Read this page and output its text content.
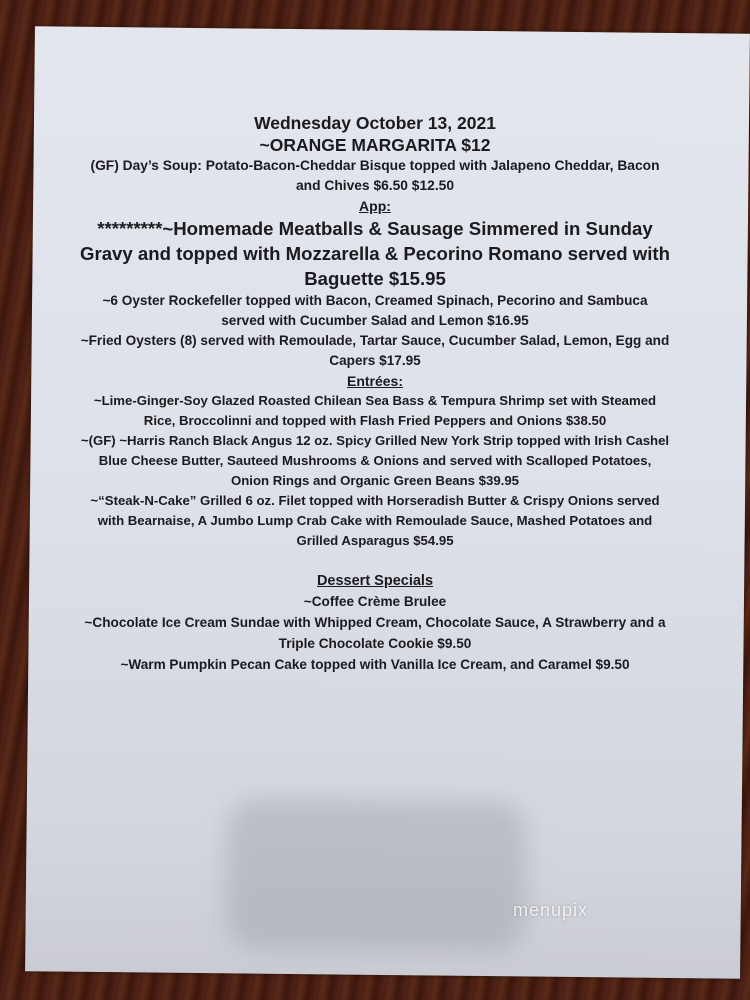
Wednesday October 13, 2021

~ORANGE MARGARITA $12

(GF) Day’s Soup: Potato-Bacon-Cheddar Bisque topped with Jalapeno Cheddar, Bacon and Chives $6.50 $12.50

App:

*********~Homemade Meatballs & Sausage Simmered in Sunday Gravy and topped with Mozzarella & Pecorino Romano served with Baguette $15.95

~6 Oyster Rockefeller topped with Bacon, Creamed Spinach, Pecorino and Sambuca served with Cucumber Salad and Lemon $16.95

~Fried Oysters (8) served with Remoulade, Tartar Sauce, Cucumber Salad, Lemon, Egg and Capers $17.95

Entrées:

~Lime-Ginger-Soy Glazed Roasted Chilean Sea Bass & Tempura Shrimp set with Steamed Rice, Broccolinni and topped with Flash Fried Peppers and Onions $38.50

~(GF) ~Harris Ranch Black Angus 12 oz. Spicy Grilled New York Strip topped with Irish Cashel Blue Cheese Butter, Sauteed Mushrooms & Onions and served with Scalloped Potatoes, Onion Rings and Organic Green Beans $39.95

~“Steak-N-Cake” Grilled 6 oz. Filet topped with Horseradish Butter & Crispy Onions served with Bearnaise, A Jumbo Lump Crab Cake with Remoulade Sauce, Mashed Potatoes and Grilled Asparagus $54.95

Dessert Specials

~Coffee Crème Brulee

~Chocolate Ice Cream Sundae with Whipped Cream, Chocolate Sauce, A Strawberry and a Triple Chocolate Cookie $9.50

~Warm Pumpkin Pecan Cake topped with Vanilla Ice Cream, and Caramel $9.50

menupix
